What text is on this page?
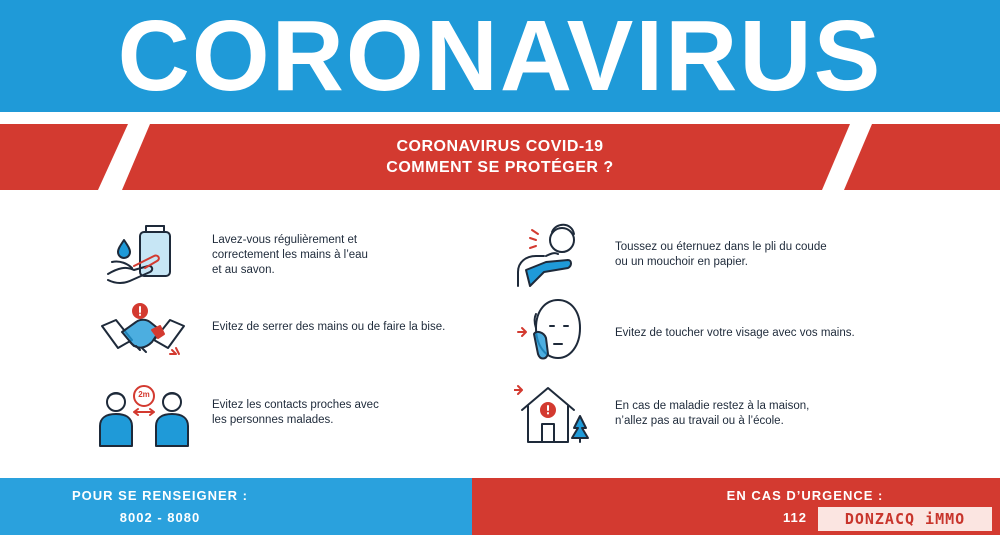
CORONAVIRUS
CORONAVIRUS COVID-19
COMMENT SE PROTÉGER ?
Lavez-vous régulièrement et
correctement les mains à l’eau
et au savon.
Evitez de serrer des mains ou de faire la bise.
2m
Evitez les contacts proches avec
les personnes malades.
Toussez ou éternuez dans le pli du coude
ou un mouchoir en papier.
Evitez de toucher votre visage avec vos mains.
En cas de maladie restez à la maison,
n’allez pas au travail ou à l’école.
POUR SE RENSEIGNER :
8002 - 8080
EN CAS D’URGENCE :
112	DONZACQ iMMO
